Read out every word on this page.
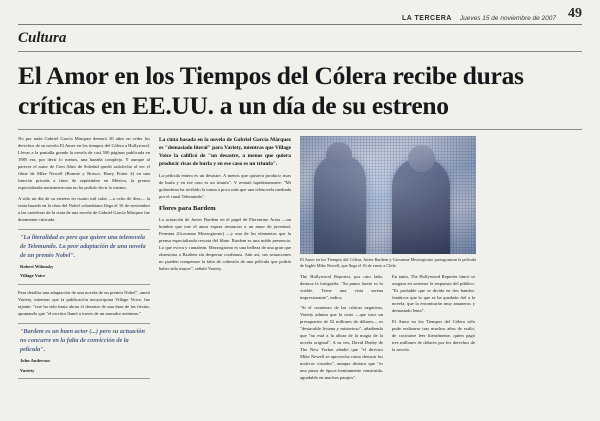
LA TERCERA Jueves 15 de noviembre de 2007 49
Cultura
El Amor en los Tiempos del Cólera recibe duras críticas en EE.UU. a un día de su estreno

No por nada Gabriel García Márquez demoró 20 años en ceder los derechos de su novela El Amor en los tiempos del Cólera a Hollywood. Llevar a la pantalla grande la novela de casi 500 páginas publicada en 1985 era, por decir lo menos, una hazaña compleja. Y aunque al parecer el autor de Cien Años de Soledad quedó satisfecho al ver el filme de Mike Newell (Bonnie y Brasco, Harry Potter 4) en una función privada a fines de septiembre en México, la prensa especializada norteamericana no ha podido decir lo mismo.

A sólo un día de su estreno en cuatro mil salas —a ocho de diez— la cinta basada en la obra del Nobel colombiano llega el 16 de noviembre a las carteleras de la cinta de una novela de Gabriel García Márquez fue duramente criticada.

"La literalidad es pero que quiere una telenovela de Telemundo. La peor adaptación de una novela de un premio Nobel".
Robert Wilonsky
Village Voice

Para detallar una adaptación de una novela de un premio Nobel", anotó Variety, mientras que la publicación neoyorquina Village Voice, fue tajante: "este ha sido hasta ahora el desastre de una dura de las fiestas, apuntando que "el escritor llamó a traves de un narrador anónimo."

"Bardem es un buen actor (...) pero su actuación no concurre en la falta de convicción de la película".
John Anderson
Variety

La cinta basada en la novela de Gabriel García Márquez es "demasiado literal" para Variety, mientras que Village Voice la calificó de "un desastre, a menos que quiera producir risas de burla y en ese caso es un triunfo".

La película entera es un desastre. A menos que quisiera producir risas de burla y en ese caso es un triunfo". Y remató lapidariamente: "Mi golondrina ha recibido la trama a poco más que una telenovela mediada por el canal Telemundo".

Flores para Bardem

La actuación de Javier Bardem en el papel de Florentino Ariza —un hombre que trae el amor espera renunciar a un amor de juventud, Fermina (Giovanna Mezzogiorno) —y uno de los elementos que la prensa especializada rescata del filme. Bardem es una noble presencia. Lo que evoca y camaleón. Mezzogiorno es una belleza de una gran que obsesiona a Bardem sin despertar confianza. Aún así, sus actuaciones no pueden compensar la falta de cohesión de una película que podría haber sido mayor", señaló Variety.

El Amor en los Tiempos del Cólera, Javier Bardem y Giovanna Mezzogiorno protagonizan la película de Inglés Mike Newell, que llega el 16 de enero a Chile.

The Hollywood Reporter, por otro lado, destaca la fotografía. "Su punto fuerte es lo visible. Tiene una vista serena impresionante", indica.

"Si el comienzo de las críticas negativas, Variety admira que la cinta —que tuvo un presupuesto de 52 millones de dólares— es "destacable liviana y misterioso", añadiendo que "no está a la altura de la magia de la novela original". A su vez, David Denby de The New Yorker añadió que "el director Mike Newell se aprovecha como destruir los motivos visuales", aunque destaca que "es una pieza de época bonitamente construida, agradable en muchos pasajes".

En tanto, The Hollywood Reporter hincó se asegura en sostener la respuesta del público. "Es probable que se divida en dos bandos: fanáticos que lo que se ha quedado fiel a la novela, que la encontrarán muy amaneros y demasiado lenta".

El Amor en los Tiempos del Cólera sólo pude realizarse tras muchos años de estilo, de cocinarse leer literalmente, quien pagó tres millones de dólares por los derechos de la novela.
